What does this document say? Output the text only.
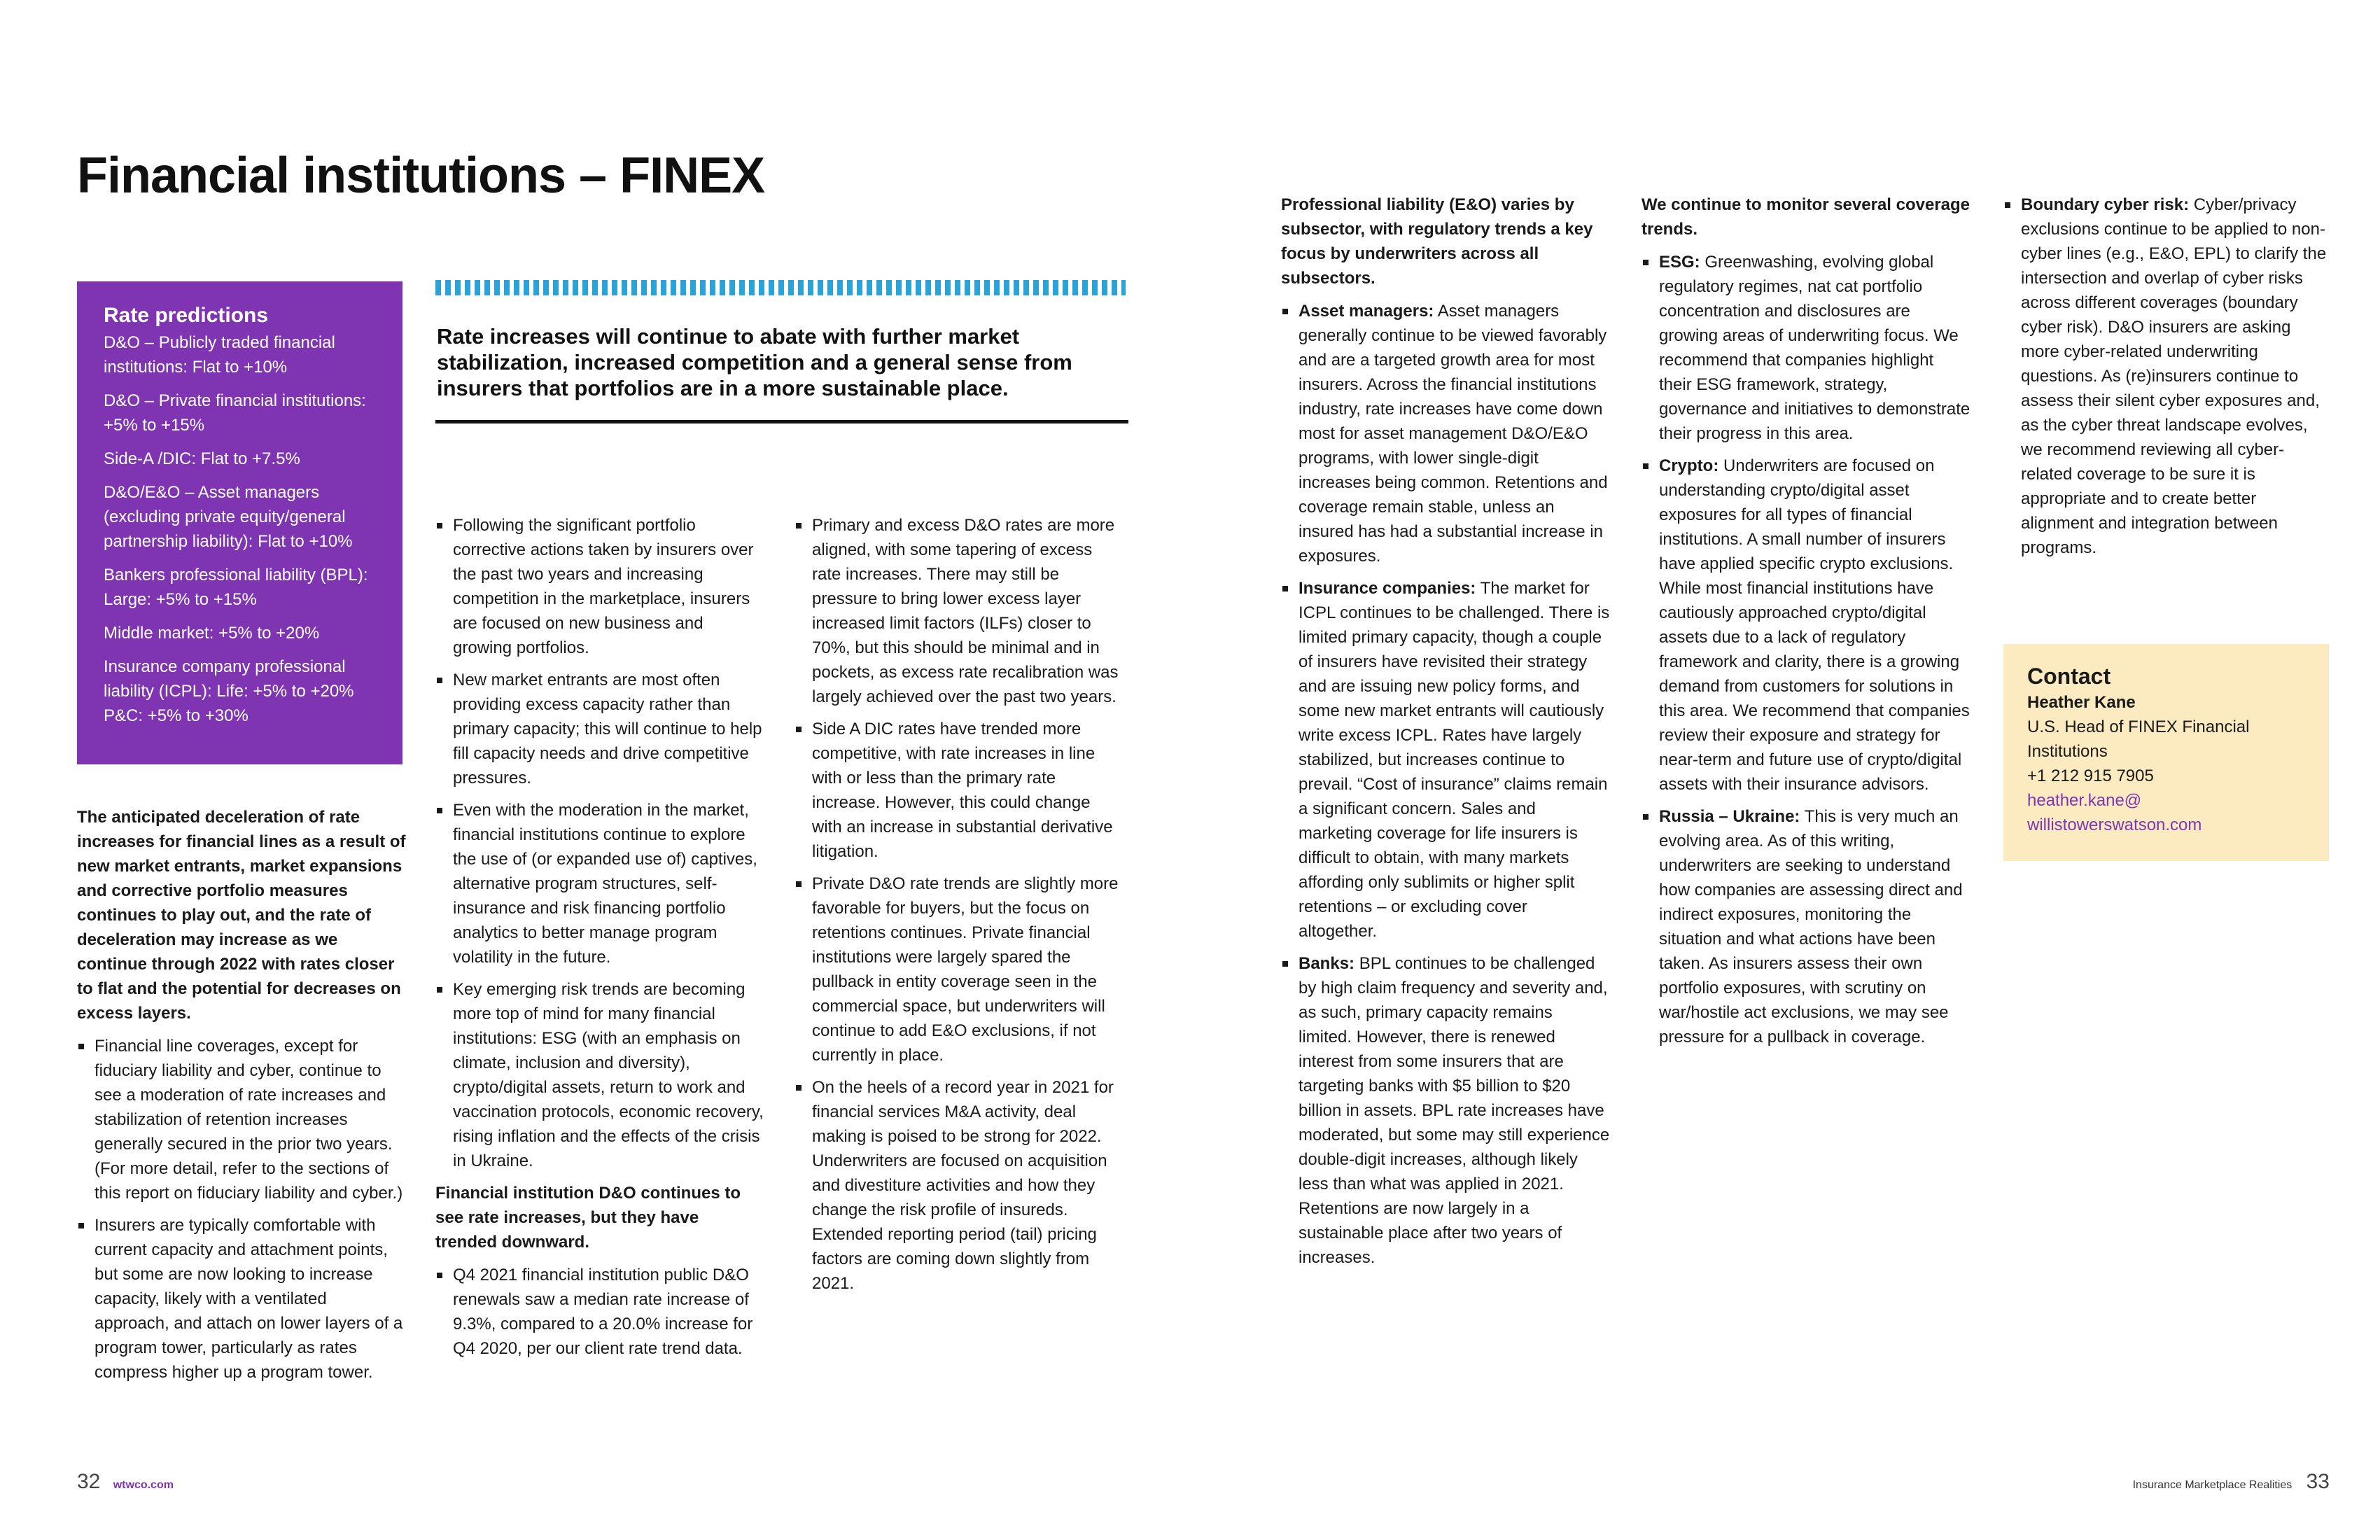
Financial institutions – FINEX
Rate predictions
D&O – Publicly traded financial institutions: Flat to +10%
D&O – Private financial institutions: +5% to +15%
Side-A /DIC: Flat to +7.5%
D&O/E&O – Asset managers (excluding private equity/general partnership liability): Flat to +10%
Bankers professional liability (BPL): Large: +5% to +15%
Middle market: +5% to +20%
Insurance company professional liability (ICPL): Life: +5% to +20% P&C: +5% to +30%
Rate increases will continue to abate with further market stabilization, increased competition and a general sense from insurers that portfolios are in a more sustainable place.

The anticipated deceleration of rate increases for financial lines as a result of new market entrants, market expansions and corrective portfolio measures continues to play out, and the rate of deceleration may increase as we continue through 2022 with rates closer to flat and the potential for decreases on excess layers.

Financial line coverages, except for fiduciary liability and cyber, continue to see a moderation of rate increases and stabilization of retention increases generally secured in the prior two years. (For more detail, refer to the sections of this report on fiduciary liability and cyber.)
Insurers are typically comfortable with current capacity and attachment points, but some are now looking to increase capacity, likely with a ventilated approach, and attach on lower layers of a program tower, particularly as rates compress higher up a program tower.
Following the significant portfolio corrective actions taken by insurers over the past two years and increasing competition in the marketplace, insurers are focused on new business and growing portfolios.
New market entrants are most often providing excess capacity rather than primary capacity; this will continue to help fill capacity needs and drive competitive pressures.
Even with the moderation in the market, financial institutions continue to explore the use of (or expanded use of) captives, alternative program structures, self-insurance and risk financing portfolio analytics to better manage program volatility in the future.
Key emerging risk trends are becoming more top of mind for many financial institutions: ESG (with an emphasis on climate, inclusion and diversity), crypto/digital assets, return to work and vaccination protocols, economic recovery, rising inflation and the effects of the crisis in Ukraine.

Financial institution D&O continues to see rate increases, but they have trended downward.

Q4 2021 financial institution public D&O renewals saw a median rate increase of 9.3%, compared to a 20.0% increase for Q4 2020, per our client rate trend data.
Primary and excess D&O rates are more aligned, with some tapering of excess rate increases. There may still be pressure to bring lower excess layer increased limit factors (ILFs) closer to 70%, but this should be minimal and in pockets, as excess rate recalibration was largely achieved over the past two years.
Side A DIC rates have trended more competitive, with rate increases in line with or less than the primary rate increase. However, this could change with an increase in substantial derivative litigation.
Private D&O rate trends are slightly more favorable for buyers, but the focus on retentions continues. Private financial institutions were largely spared the pullback in entity coverage seen in the commercial space, but underwriters will continue to add E&O exclusions, if not currently in place.
On the heels of a record year in 2021 for financial services M&A activity, deal making is poised to be strong for 2022. Underwriters are focused on acquisition and divestiture activities and how they change the risk profile of insureds. Extended reporting period (tail) pricing factors are coming down slightly from 2021.

Professional liability (E&O) varies by subsector, with regulatory trends a key focus by underwriters across all subsectors.

Asset managers: Asset managers generally continue to be viewed favorably and are a targeted growth area for most insurers. Across the financial institutions industry, rate increases have come down most for asset management D&O/E&O programs, with lower single-digit increases being common. Retentions and coverage remain stable, unless an insured has had a substantial increase in exposures.
Insurance companies: The market for ICPL continues to be challenged. There is limited primary capacity, though a couple of insurers have revisited their strategy and are issuing new policy forms, and some new market entrants will cautiously write excess ICPL. Rates have largely stabilized, but increases continue to prevail. “Cost of insurance” claims remain a significant concern. Sales and marketing coverage for life insurers is difficult to obtain, with many markets affording only sublimits or higher split retentions – or excluding cover altogether.
Banks: BPL continues to be challenged by high claim frequency and severity and, as such, primary capacity remains limited. However, there is renewed interest from some insurers that are targeting banks with $5 billion to $20 billion in assets. BPL rate increases have moderated, but some may still experience double-digit increases, although likely less than what was applied in 2021. Retentions are now largely in a sustainable place after two years of increases.

We continue to monitor several coverage trends.

ESG: Greenwashing, evolving global regulatory regimes, nat cat portfolio concentration and disclosures are growing areas of underwriting focus. We recommend that companies highlight their ESG framework, strategy, governance and initiatives to demonstrate their progress in this area.
Crypto: Underwriters are focused on understanding crypto/digital asset exposures for all types of financial institutions. A small number of insurers have applied specific crypto exclusions. While most financial institutions have cautiously approached crypto/digital assets due to a lack of regulatory framework and clarity, there is a growing demand from customers for solutions in this area. We recommend that companies review their exposure and strategy for near-term and future use of crypto/digital assets with their insurance advisors.
Russia – Ukraine: This is very much an evolving area. As of this writing, underwriters are seeking to understand how companies are assessing direct and indirect exposures, monitoring the situation and what actions have been taken. As insurers assess their own portfolio exposures, with scrutiny on war/hostile act exclusions, we may see pressure for a pullback in coverage.
Boundary cyber risk: Cyber/privacy exclusions continue to be applied to non-cyber lines (e.g., E&O, EPL) to clarify the intersection and overlap of cyber risks across different coverages (boundary cyber risk). D&O insurers are asking more cyber-related underwriting questions. As (re)insurers continue to assess their silent cyber exposures and, as the cyber threat landscape evolves, we recommend reviewing all cyber-related coverage to be sure it is appropriate and to create better alignment and integration between programs.
Contact
Heather Kane
U.S. Head of FINEX Financial Institutions
+1 212 915 7905
heather.kane@
willistowerswatson.com
32 wtwco.com	Insurance Marketplace Realities 33
